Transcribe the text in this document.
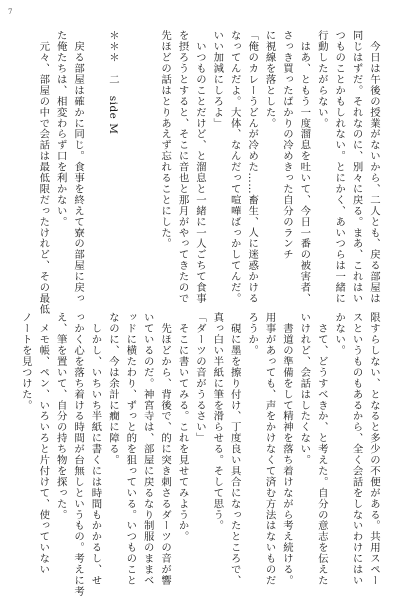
7

　今日は午後の授業がないから、二人とも、戻る部屋は

同じはずだ。それなのに、別々に戻る。まあ、これはい

つものことかもしれない。とにかく、あいつらは一緒に

行動したがらない。

　はあ、ともう一度溜息を吐いて、今日一番の被害者、

さっき買ったばかりの冷めきった自分のランチ

に視線を落とした。

「俺のカレーうどんが冷めた……畜生、人に迷惑かける

なってんだよ。大体、なんだって喧嘩ばっかしてんだ。

いい加減にしろよ」

　いつものことだけど、と溜息と一緒に一人ごちて食事

を摂ろうとすると、そこに音也と那月がやってきたので

先ほどの話はとりあえず忘れることにした。

＊＊＊　二　side M

　戻る部屋は確かに同じ。食事を終えて寮の部屋に戻っ

た俺たちは、相変わらず口を利かない。

　元々、部屋の中で会話は最低限だったけれど、その最低

限すらしない、となると多少の不便がある。共用スペー

スというものもあるから、全く会話をしないわけにはい

かない。

　さて、どうすべきか、と考えた。自分の意志を伝えた

いけれど、会話はしたくない。

　書道の準備をして精神を落ち着けながら考え続ける。

用事があっても、声をかけなくて済む方法はないものだ

ろうか。

　硯に墨を擦り付け、丁度良い具合になったところで、

真っ白い半紙に筆を滑らせる。そして思う。

「ダーツの音がうるさい」

　そこに書いてみる。これを見せてみようか。

　先ほどから、背後で、的に突き刺さるダーツの音が響

いているのだ。神宮寺は、部屋に戻るなり制服のままベ

ッドに横たわり、ずっと的を狙っている。いつものこと

なのに、今は余計に癇に障る。

　しかし、いちいち半紙に書くには時間もかかるし、せ

っかく心を落ち着ける時間が台無しというもの。考えに考

え、筆を置いて、自分の持ち物を探った。

　メモ帳、ペン、いろいろと片付けて、使っていない

ノートを見つけた。
